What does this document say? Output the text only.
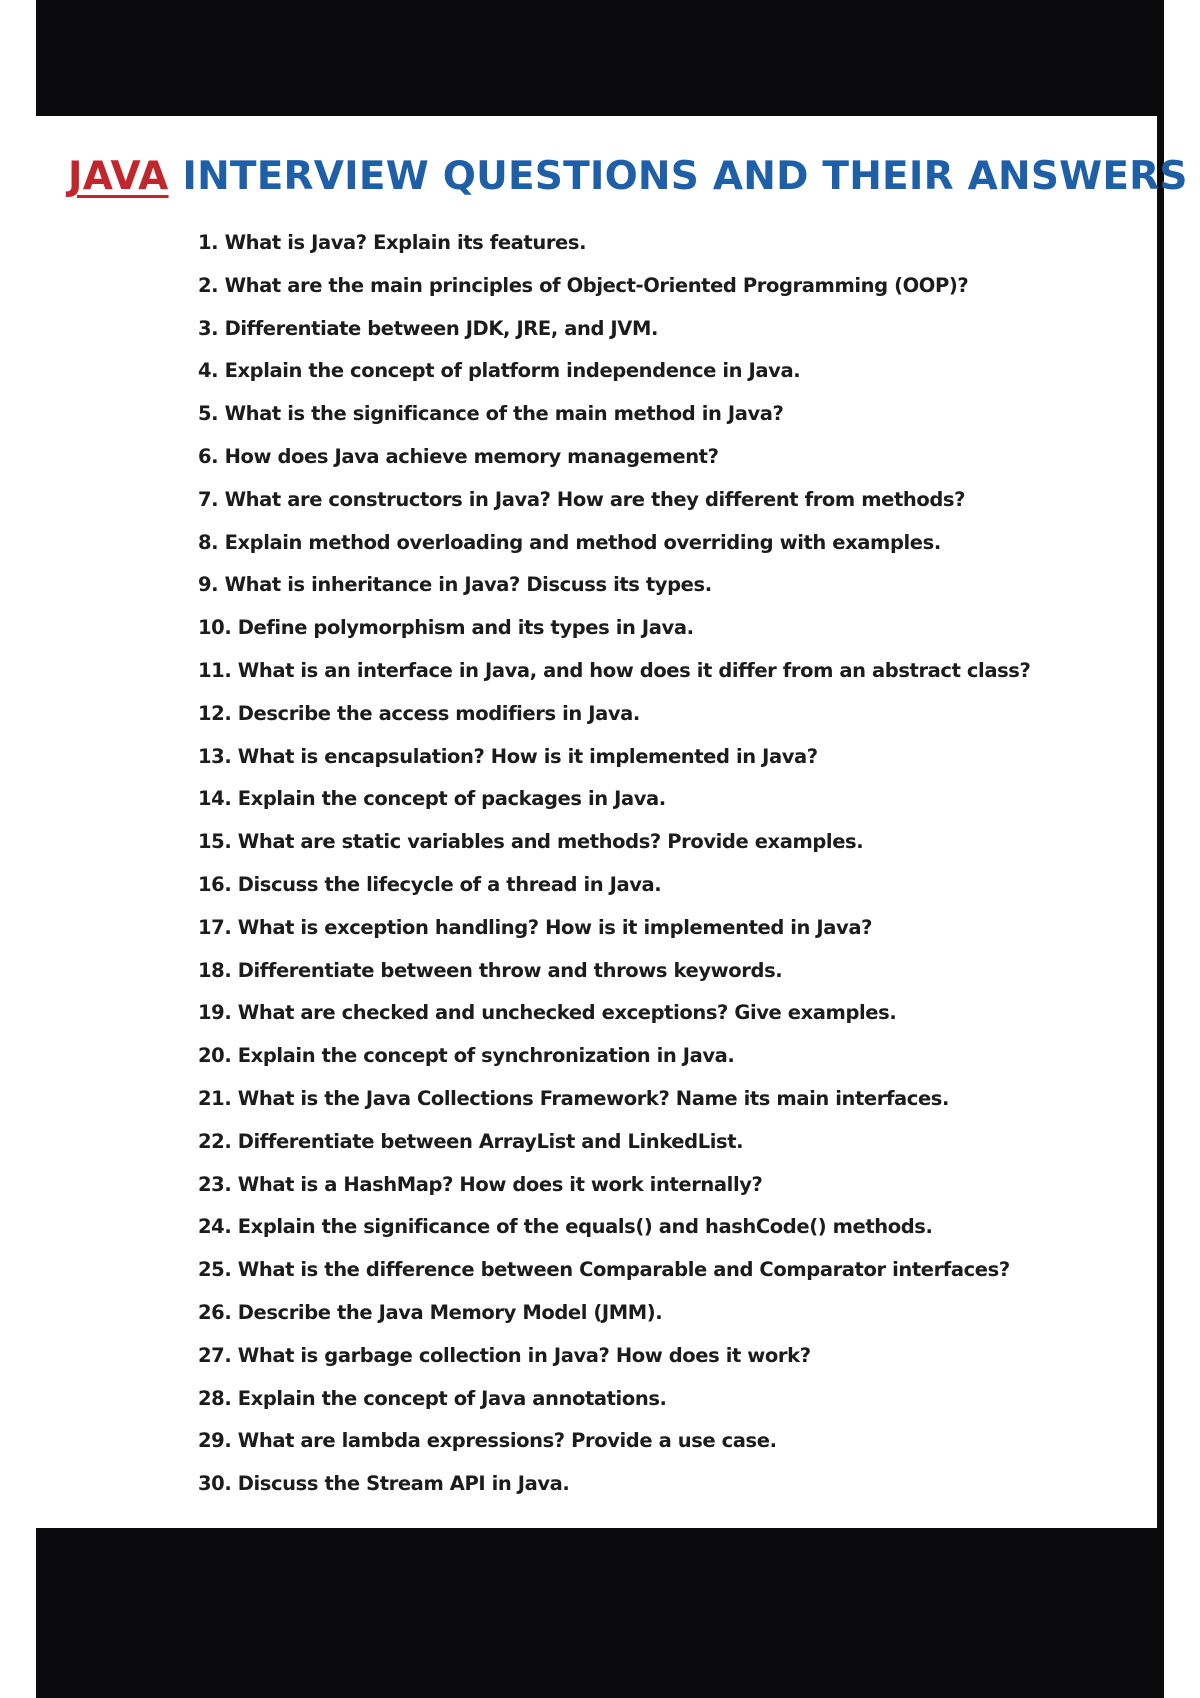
JAVA INTERVIEW QUESTIONS AND THEIR ANSWERS
1. What is Java? Explain its features.
2. What are the main principles of Object-Oriented Programming (OOP)?
3. Differentiate between JDK, JRE, and JVM.
4. Explain the concept of platform independence in Java.
5. What is the significance of the main method in Java?
6. How does Java achieve memory management?
7. What are constructors in Java? How are they different from methods?
8. Explain method overloading and method overriding with examples.
9. What is inheritance in Java? Discuss its types.
10. Define polymorphism and its types in Java.
11. What is an interface in Java, and how does it differ from an abstract class?
12. Describe the access modifiers in Java.
13. What is encapsulation? How is it implemented in Java?
14. Explain the concept of packages in Java.
15. What are static variables and methods? Provide examples.
16. Discuss the lifecycle of a thread in Java.
17. What is exception handling? How is it implemented in Java?
18. Differentiate between throw and throws keywords.
19. What are checked and unchecked exceptions? Give examples.
20. Explain the concept of synchronization in Java.
21. What is the Java Collections Framework? Name its main interfaces.
22. Differentiate between ArrayList and LinkedList.
23. What is a HashMap? How does it work internally?
24. Explain the significance of the equals() and hashCode() methods.
25. What is the difference between Comparable and Comparator interfaces?
26. Describe the Java Memory Model (JMM).
27. What is garbage collection in Java? How does it work?
28. Explain the concept of Java annotations.
29. What are lambda expressions? Provide a use case.
30. Discuss the Stream API in Java.
